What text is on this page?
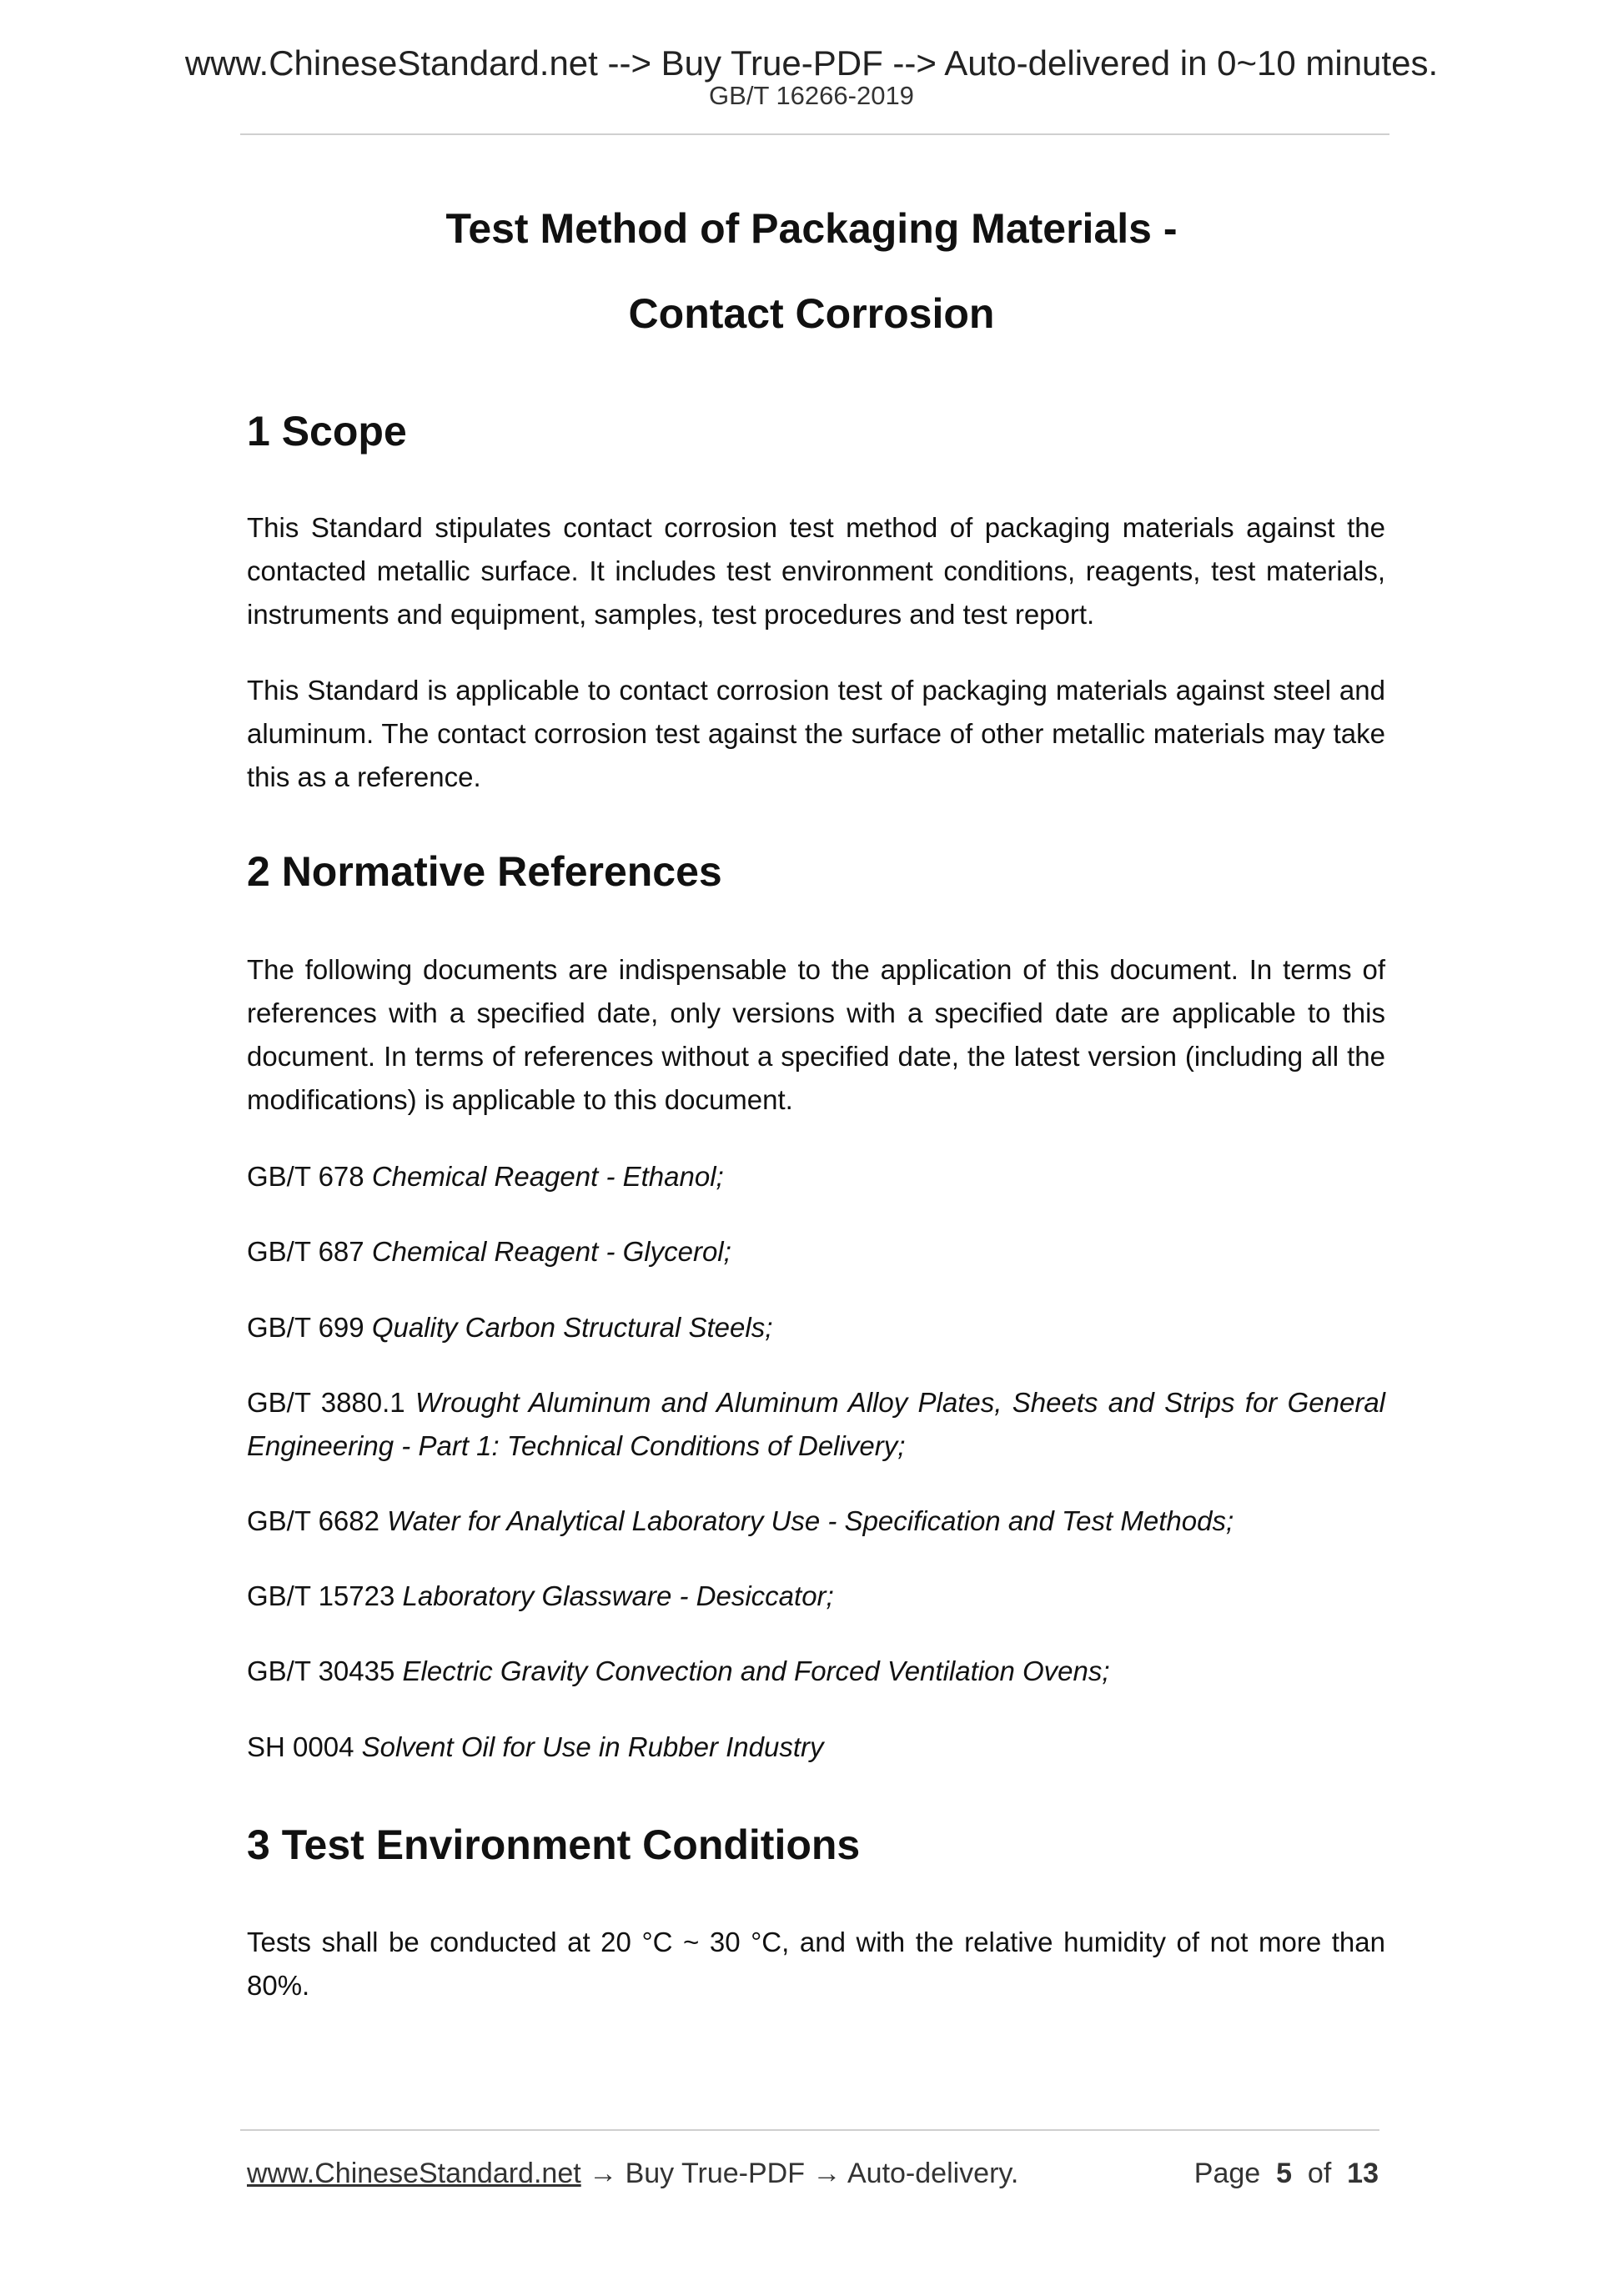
www.ChineseStandard.net --> Buy True-PDF --> Auto-delivered in 0~10 minutes.
GB/T 16266-2019
Test Method of Packaging Materials -
Contact Corrosion
1 Scope

This Standard stipulates contact corrosion test method of packaging materials against the contacted metallic surface. It includes test environment conditions, reagents, test materials, instruments and equipment, samples, test procedures and test report.

This Standard is applicable to contact corrosion test of packaging materials against steel and aluminum. The contact corrosion test against the surface of other metallic materials may take this as a reference.

2 Normative References

The following documents are indispensable to the application of this document. In terms of references with a specified date, only versions with a specified date are applicable to this document. In terms of references without a specified date, the latest version (including all the modifications) is applicable to this document.

GB/T 678 Chemical Reagent - Ethanol;

GB/T 687 Chemical Reagent - Glycerol;

GB/T 699 Quality Carbon Structural Steels;

GB/T 3880.1 Wrought Aluminum and Aluminum Alloy Plates, Sheets and Strips for General Engineering - Part 1: Technical Conditions of Delivery;

GB/T 6682 Water for Analytical Laboratory Use - Specification and Test Methods;

GB/T 15723 Laboratory Glassware - Desiccator;

GB/T 30435 Electric Gravity Convection and Forced Ventilation Ovens;

SH 0004 Solvent Oil for Use in Rubber Industry

3 Test Environment Conditions

Tests shall be conducted at 20 °C ~ 30 °C, and with the relative humidity of not more than 80%.

www.ChineseStandard.net → Buy True-PDF → Auto-delivery.	Page 5 of 13
